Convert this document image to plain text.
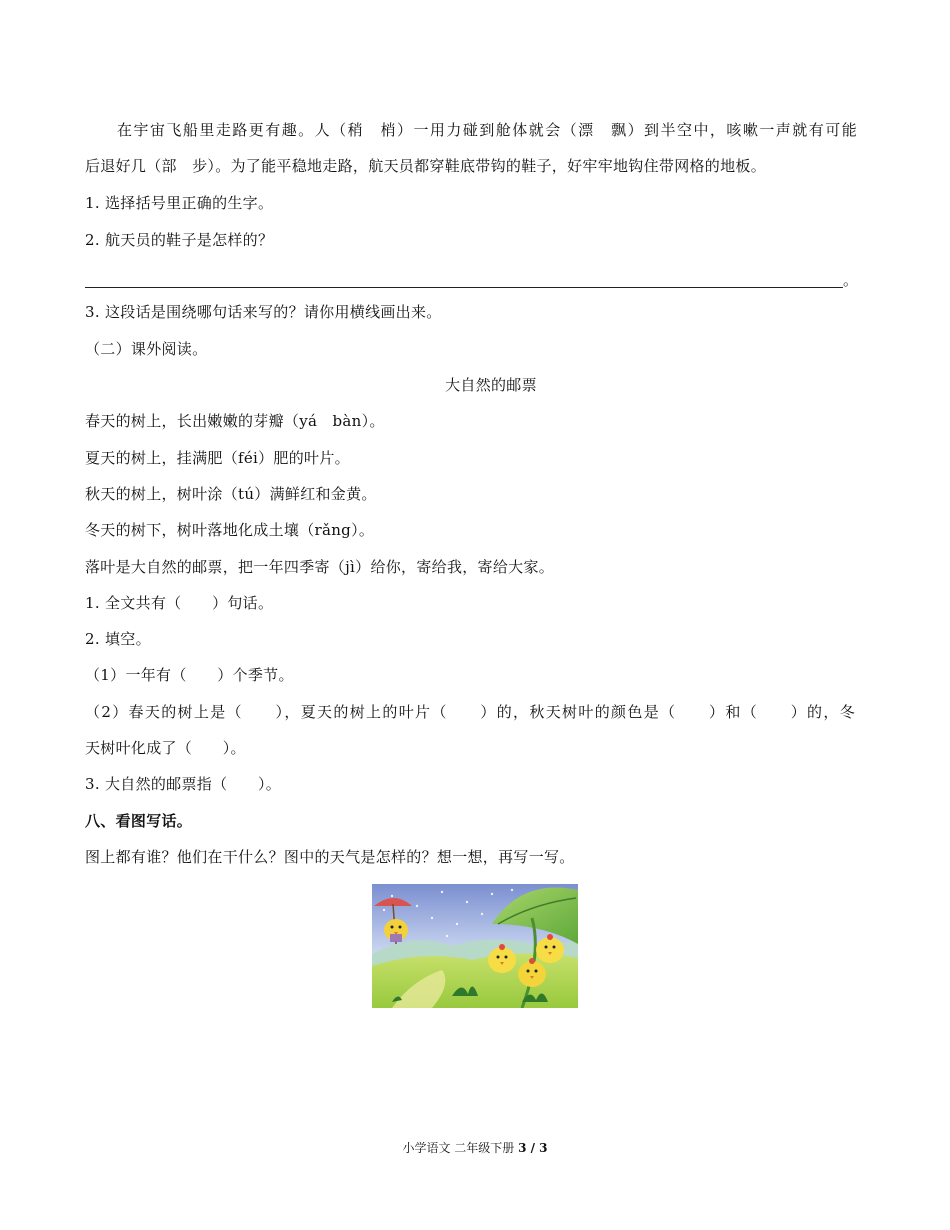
在宇宙飞船里走路更有趣。人（稍　梢）一用力碰到舱体就会（漂　飘）到半空中，咳嗽一声就有可能
后退好几（部　步）。为了能平稳地走路，航天员都穿鞋底带钩的鞋子，好牢牢地钩住带网格的地板。
1. 选择括号里正确的生字。
2. 航天员的鞋子是怎样的？
。
3. 这段话是围绕哪句话来写的？请你用横线画出来。
（二）课外阅读。
大自然的邮票
春天的树上，长出嫩嫩的芽瓣（yá　bàn）。
夏天的树上，挂满肥（féi）肥的叶片。
秋天的树上，树叶涂（tú）满鲜红和金黄。
冬天的树下，树叶落地化成土壤（rǎng）。
落叶是大自然的邮票，把一年四季寄（jì）给你，寄给我，寄给大家。
1. 全文共有（　　）句话。
2. 填空。
（1）一年有（　　）个季节。
（2）春天的树上是（　　），夏天的树上的叶片（　　）的，秋天树叶的颜色是（　　）和（　　）的，冬
天树叶化成了（　　）。
3. 大自然的邮票指（　　）。
八、看图写话。
图上都有谁？他们在干什么？图中的天气是怎样的？想一想，再写一写。
小学语文 二年级下册 3 / 3
